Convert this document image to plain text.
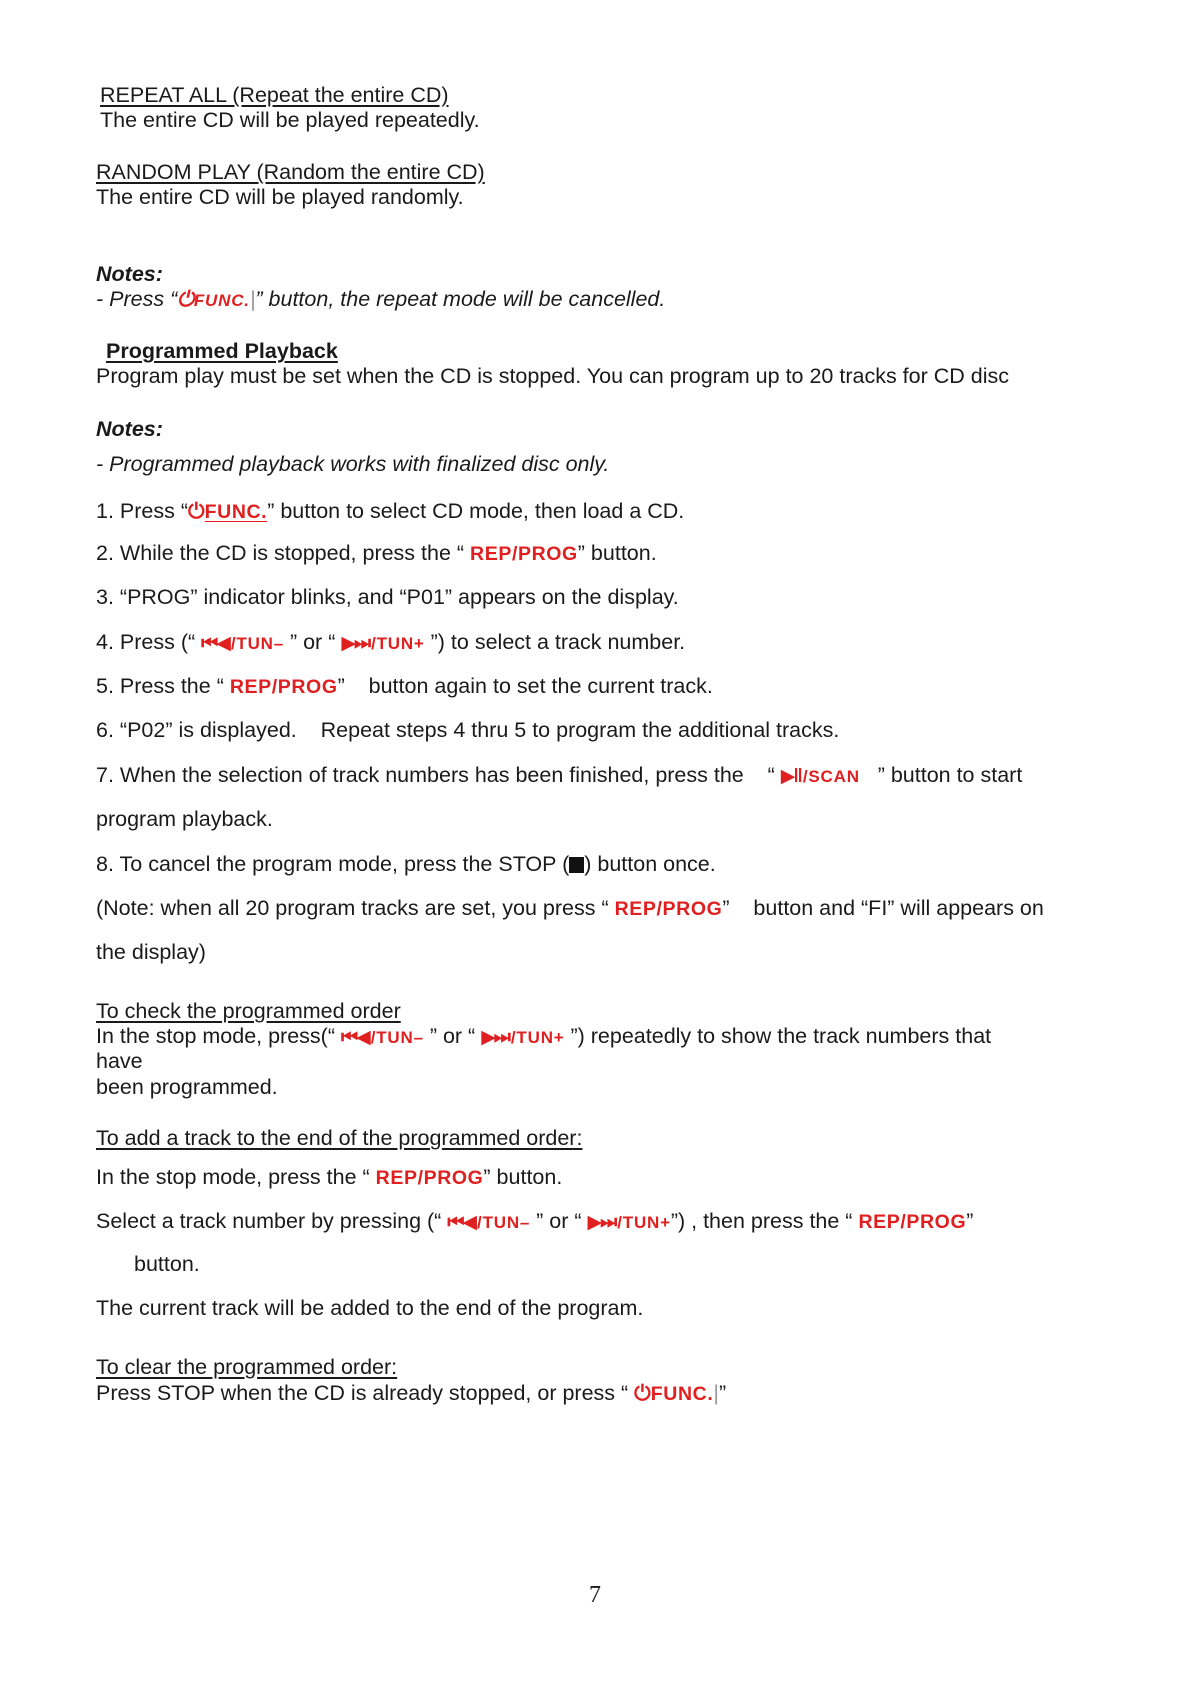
REPEAT ALL (Repeat the entire CD)
The entire CD will be played repeatedly.
RANDOM PLAY (Random the entire CD)
The entire CD will be played randomly.
Notes:
- Press “⏻FUNC.|” button, the repeat mode will be cancelled.
Programmed Playback
Program play must be set when the CD is stopped. You can program up to 20 tracks for CD disc
Notes:
- Programmed playback works with finalized disc only.
1. Press “⏻FUNC.” button to select CD mode, then load a CD.
2. While the CD is stopped, press the “ REP/PROG” button.
3. “PROG” indicator blinks, and “P01” appears on the display.
4. Press (“ ⏮◀ /TUN– ” or “ ▶⏭ /TUN+ ”) to select a track number.
5. Press the “ REP/PROG”    button again to set the current track.
6. “P02” is displayed.    Repeat steps 4 thru 5 to program the additional tracks.
7. When the selection of track numbers has been finished, press the    “ ▶‖ /SCAN ” button to start
program playback.
8. To cancel the program mode, press the STOP ( ) button once.
(Note: when all 20 program tracks are set, you press “ REP/PROG”    button and “FI” will appears on
the display)
To check the programmed order
In the stop mode, press(“ ⏮◀ /TUN– ” or “ ▶⏭ /TUN+ ”) repeatedly to show the track numbers that
have
been programmed.
To add a track to the end of the programmed order:
In the stop mode, press the “ REP/PROG” button.
Select a track number by pressing (“ ⏮◀ /TUN– ” or “ ▶⏭ /TUN+”) , then press the “ REP/PROG”
button.
The current track will be added to the end of the program.
To clear the programmed order:
Press STOP when the CD is already stopped, or press “ ⏻FUNC.|”
7
